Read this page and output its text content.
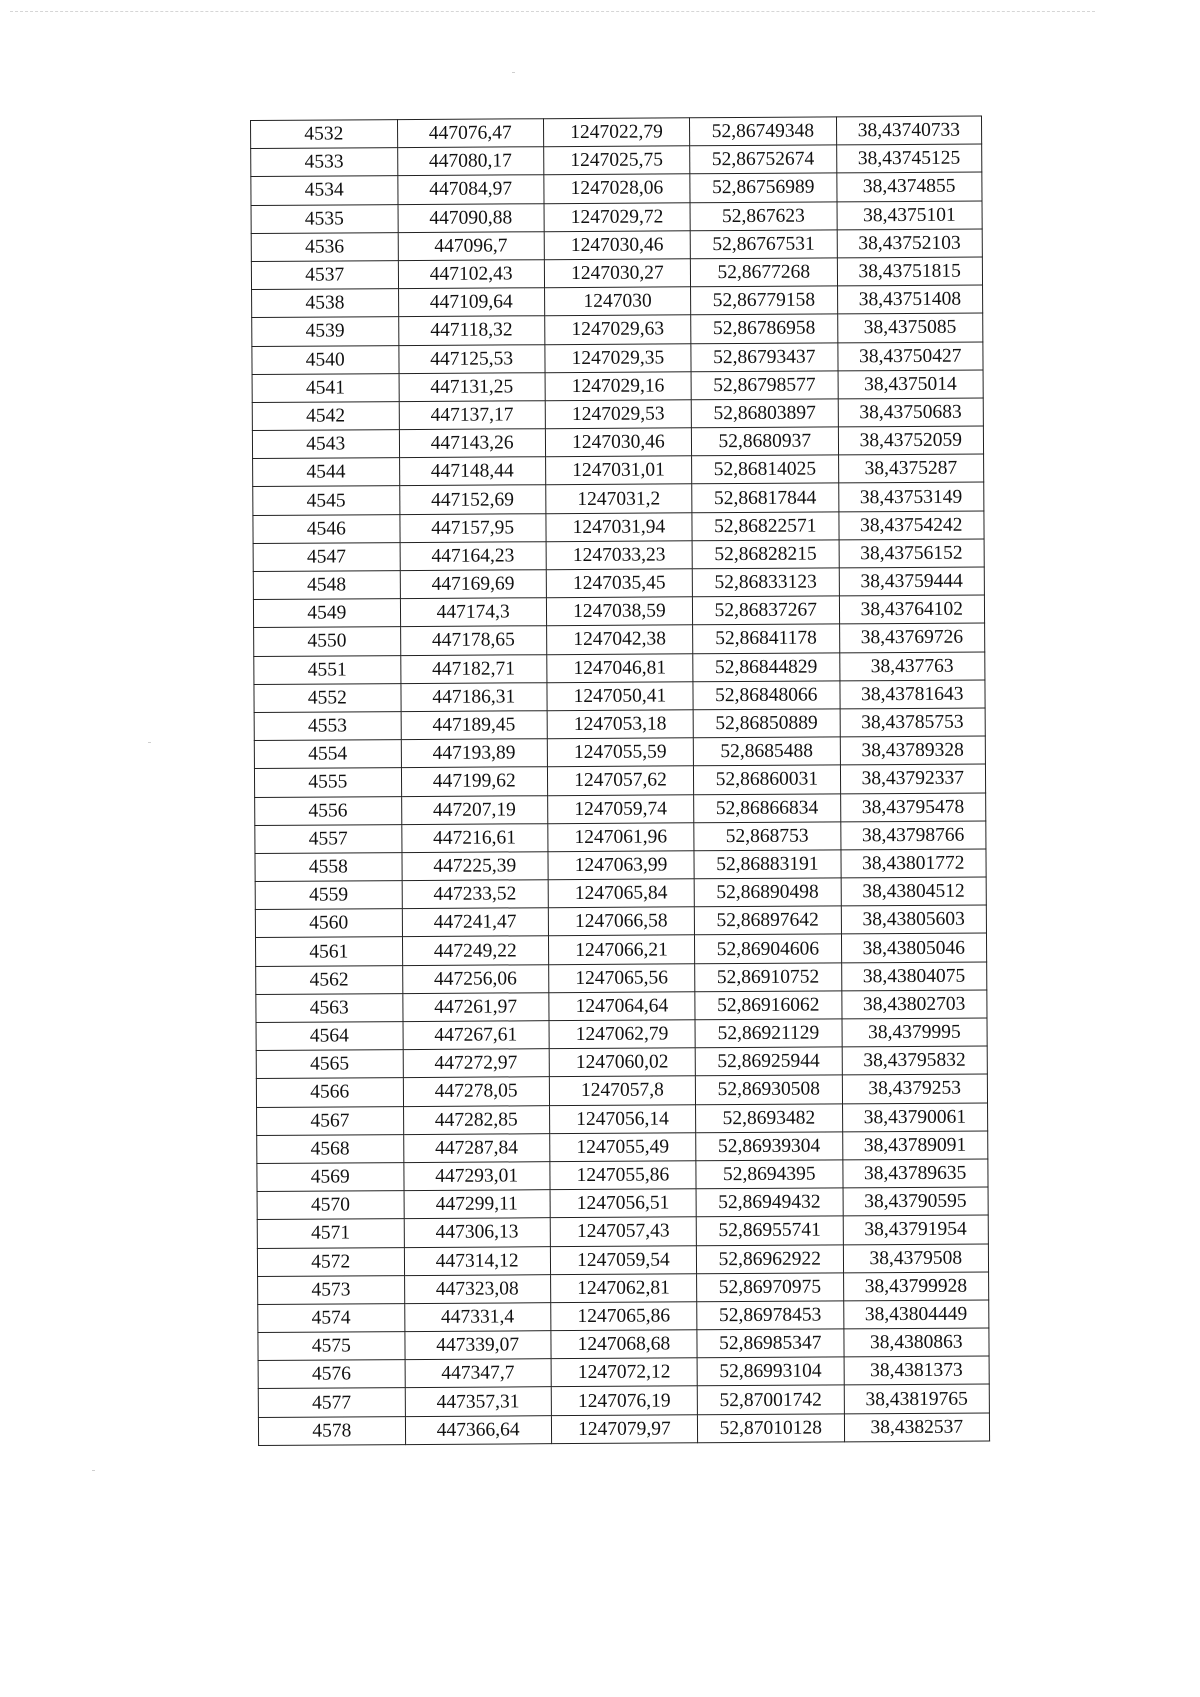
4532	447076,47	1247022,79	52,86749348	38,43740733
4533	447080,17	1247025,75	52,86752674	38,43745125
4534	447084,97	1247028,06	52,86756989	38,4374855
4535	447090,88	1247029,72	52,867623	38,4375101
4536	447096,7	1247030,46	52,86767531	38,43752103
4537	447102,43	1247030,27	52,8677268	38,43751815
4538	447109,64	1247030	52,86779158	38,43751408
4539	447118,32	1247029,63	52,86786958	38,4375085
4540	447125,53	1247029,35	52,86793437	38,43750427
4541	447131,25	1247029,16	52,86798577	38,4375014
4542	447137,17	1247029,53	52,86803897	38,43750683
4543	447143,26	1247030,46	52,8680937	38,43752059
4544	447148,44	1247031,01	52,86814025	38,4375287
4545	447152,69	1247031,2	52,86817844	38,43753149
4546	447157,95	1247031,94	52,86822571	38,43754242
4547	447164,23	1247033,23	52,86828215	38,43756152
4548	447169,69	1247035,45	52,86833123	38,43759444
4549	447174,3	1247038,59	52,86837267	38,43764102
4550	447178,65	1247042,38	52,86841178	38,43769726
4551	447182,71	1247046,81	52,86844829	38,437763
4552	447186,31	1247050,41	52,86848066	38,43781643
4553	447189,45	1247053,18	52,86850889	38,43785753
4554	447193,89	1247055,59	52,8685488	38,43789328
4555	447199,62	1247057,62	52,86860031	38,43792337
4556	447207,19	1247059,74	52,86866834	38,43795478
4557	447216,61	1247061,96	52,868753	38,43798766
4558	447225,39	1247063,99	52,86883191	38,43801772
4559	447233,52	1247065,84	52,86890498	38,43804512
4560	447241,47	1247066,58	52,86897642	38,43805603
4561	447249,22	1247066,21	52,86904606	38,43805046
4562	447256,06	1247065,56	52,86910752	38,43804075
4563	447261,97	1247064,64	52,86916062	38,43802703
4564	447267,61	1247062,79	52,86921129	38,4379995
4565	447272,97	1247060,02	52,86925944	38,43795832
4566	447278,05	1247057,8	52,86930508	38,4379253
4567	447282,85	1247056,14	52,8693482	38,43790061
4568	447287,84	1247055,49	52,86939304	38,43789091
4569	447293,01	1247055,86	52,8694395	38,43789635
4570	447299,11	1247056,51	52,86949432	38,43790595
4571	447306,13	1247057,43	52,86955741	38,43791954
4572	447314,12	1247059,54	52,86962922	38,4379508
4573	447323,08	1247062,81	52,86970975	38,43799928
4574	447331,4	1247065,86	52,86978453	38,43804449
4575	447339,07	1247068,68	52,86985347	38,4380863
4576	447347,7	1247072,12	52,86993104	38,4381373
4577	447357,31	1247076,19	52,87001742	38,43819765
4578	447366,64	1247079,97	52,87010128	38,4382537
